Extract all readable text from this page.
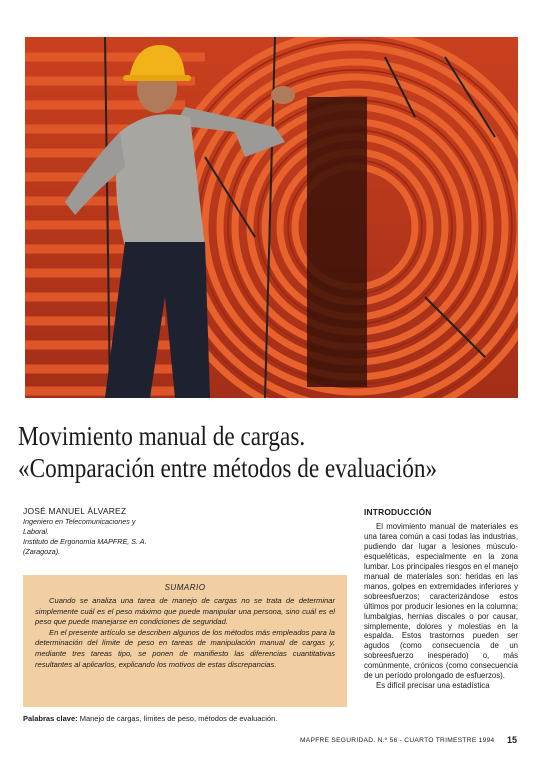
Movimiento manual de cargas.
«Comparación entre métodos de evaluación»
JOSÉ MANUEL ÁLVAREZ
Ingeniero en Telecomunicaciones y
Laboral.
Instituto de Ergonomía MAPFRE, S. A.
(Zaragoza).
SUMARIO

Cuando se analiza una tarea de manejo de cargas no se trata de determinar simplemente cuál es el peso máximo que puede manipular una persona, sino cuál es el peso que puede manejarse en condiciones de seguridad.

En el presente artículo se describen algunos de los métodos más empleados para la determinación del límite de peso en tareas de manipulación manual de cargas y, mediante tres tareas tipo, se ponen de manifiesto las diferencias cuantitativas resultantes al aplicarlos, explicando los motivos de estas discrepancias.

Palabras clave: Manejo de cargas, límites de peso, métodos de evaluación.
INTRODUCCIÓN

El movimiento manual de materiales es una tarea común a casi todas las industrias, pudiendo dar lugar a lesiones músculo-esqueléticas, especialmente en la zona lumbar. Los principales riesgos en el manejo manual de materiales son: heridas en las manos, golpes en extremidades inferiores y sobreesfuerzos; caracterizándose estos últimos por producir lesiones en la columna; lumbalgias, hernias discales o por causar, simplemente, dolores y molestias en la espalda. Estos trastornos pueden ser agudos (como consecuencia de un sobreesfuerzo inesperado) o, más comúnmente, crónicos (como consecuencia de un período prolongado de esfuerzos).

Es difícil precisar una estadística

MAPFRE SEGURIDAD. N.º 56 - CUARTO TRIMESTRE 1994 15
